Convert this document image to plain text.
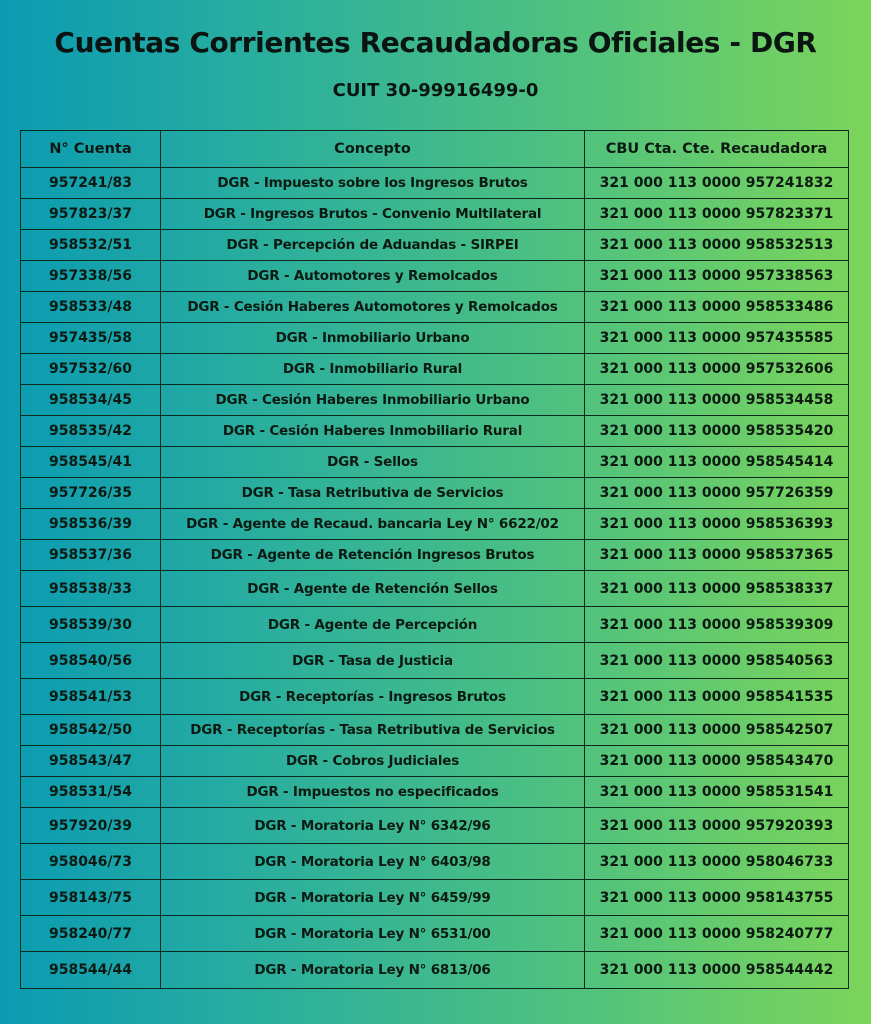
Cuentas Corrientes Recaudadoras Oficiales - DGR
CUIT 30-99916499-0
N° Cuenta	Concepto	CBU Cta. Cte. Recaudadora
957241/83	DGR - Impuesto sobre los Ingresos Brutos	321 000 113 0000 957241832
957823/37	DGR - Ingresos Brutos - Convenio Multilateral	321 000 113 0000 957823371
958532/51	DGR - Percepción de Aduandas - SIRPEI	321 000 113 0000 958532513
957338/56	DGR - Automotores y Remolcados	321 000 113 0000 957338563
958533/48	DGR - Cesión Haberes Automotores y Remolcados	321 000 113 0000 958533486
957435/58	DGR - Inmobiliario Urbano	321 000 113 0000 957435585
957532/60	DGR - Inmobiliario Rural	321 000 113 0000 957532606
958534/45	DGR - Cesión Haberes Inmobiliario Urbano	321 000 113 0000 958534458
958535/42	DGR - Cesión Haberes Inmobiliario Rural	321 000 113 0000 958535420
958545/41	DGR - Sellos	321 000 113 0000 958545414
957726/35	DGR - Tasa Retributiva de Servicios	321 000 113 0000 957726359
958536/39	DGR - Agente de Recaud. bancaria Ley N° 6622/02	321 000 113 0000 958536393
958537/36	DGR - Agente de Retención Ingresos Brutos	321 000 113 0000 958537365
958538/33	DGR - Agente de Retención Sellos	321 000 113 0000 958538337
958539/30	DGR - Agente de Percepción	321 000 113 0000 958539309
958540/56	DGR - Tasa de Justicia	321 000 113 0000 958540563
958541/53	DGR - Receptorías - Ingresos Brutos	321 000 113 0000 958541535
958542/50	DGR - Receptorías - Tasa Retributiva de Servicios	321 000 113 0000 958542507
958543/47	DGR - Cobros Judiciales	321 000 113 0000 958543470
958531/54	DGR - Impuestos no especificados	321 000 113 0000 958531541
957920/39	DGR - Moratoria Ley N° 6342/96	321 000 113 0000 957920393
958046/73	DGR - Moratoria Ley N° 6403/98	321 000 113 0000 958046733
958143/75	DGR - Moratoria Ley N° 6459/99	321 000 113 0000 958143755
958240/77	DGR - Moratoria Ley N° 6531/00	321 000 113 0000 958240777
958544/44	DGR - Moratoria Ley N° 6813/06	321 000 113 0000 958544442
